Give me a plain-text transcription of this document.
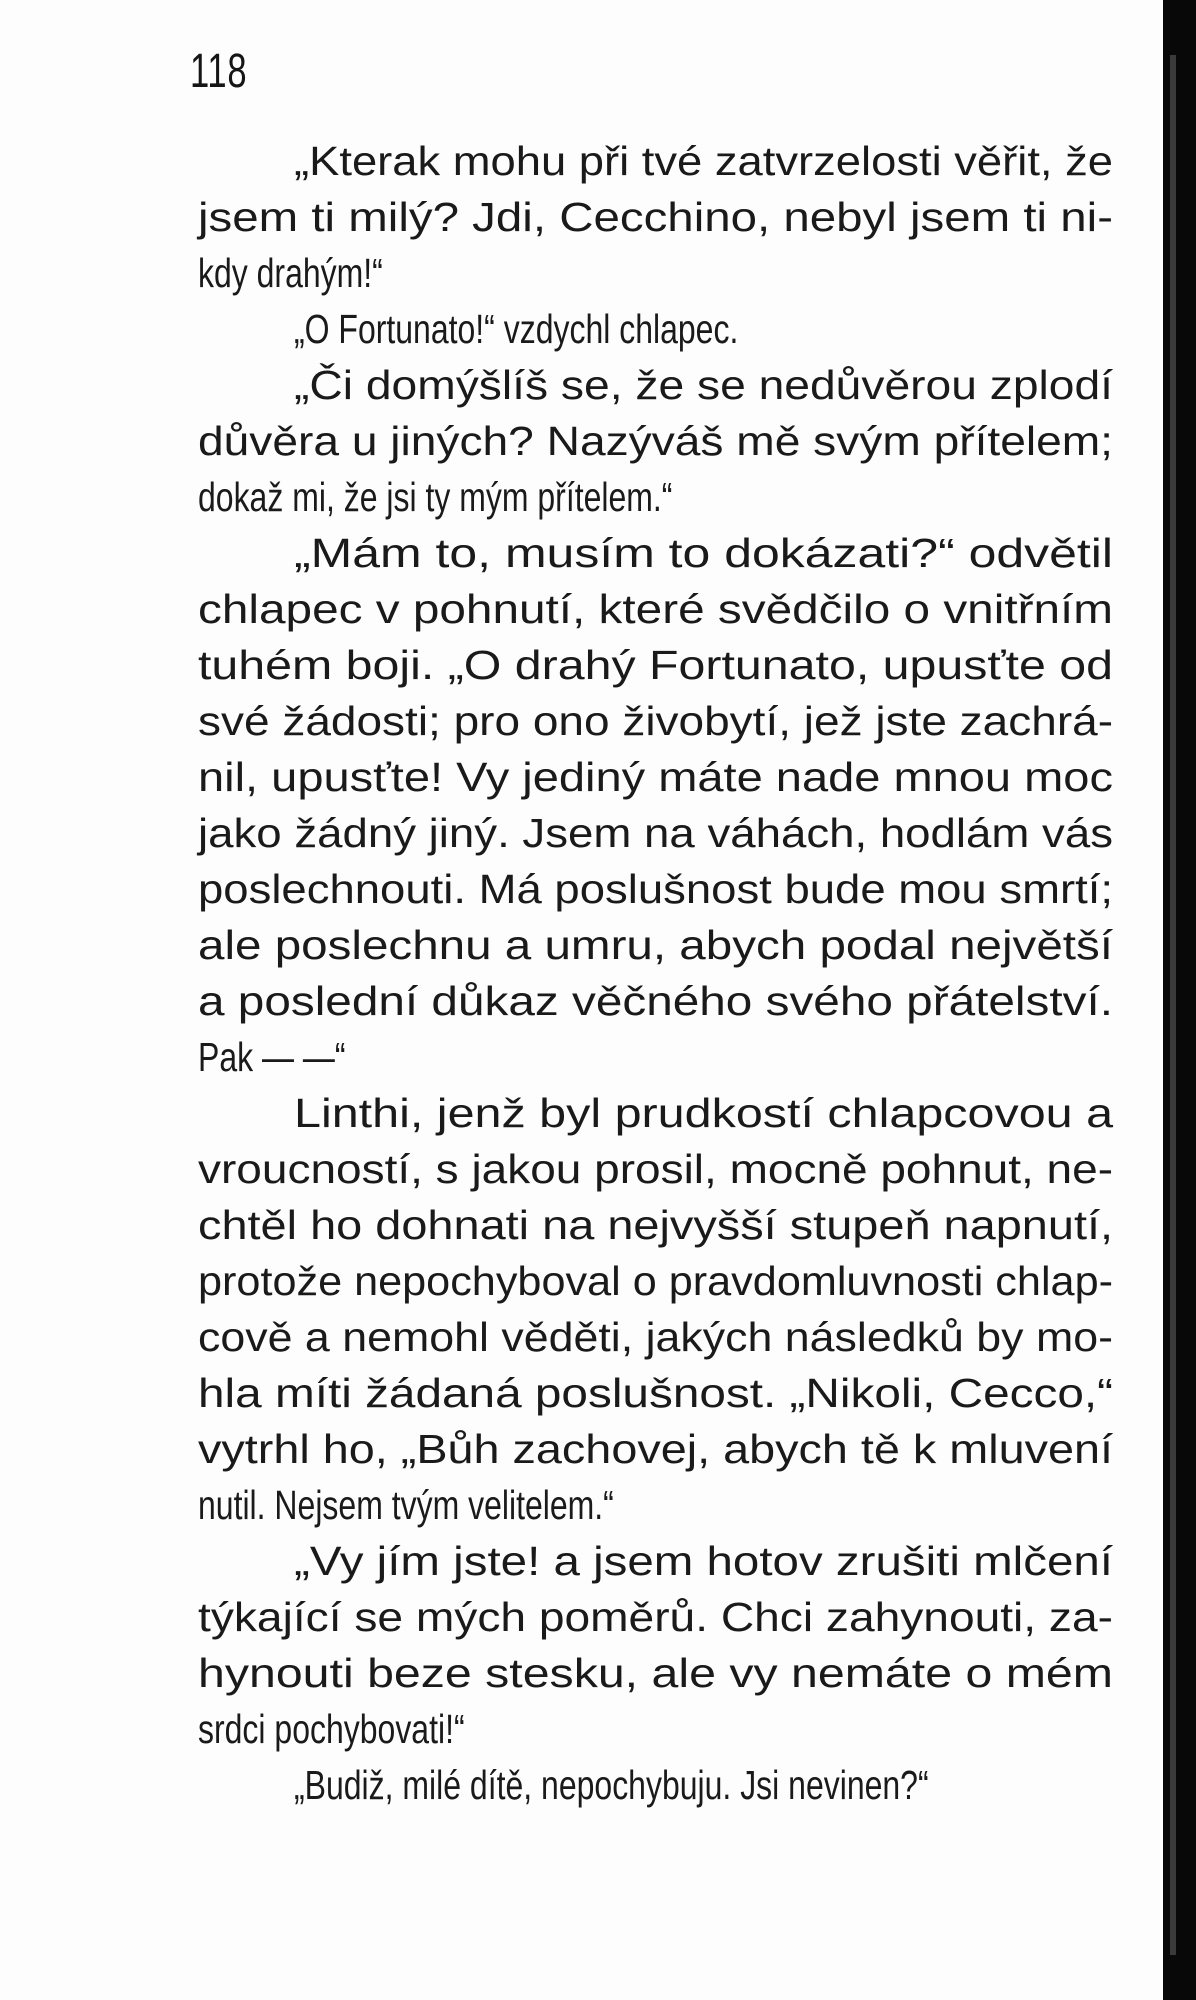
118
„Kterak mohu při tvé zatvrzelosti věřit, že
jsem ti milý? Jdi, Cecchino, nebyl jsem ti ni-
kdy drahým!“
„O Fortunato!“ vzdychl chlapec.
„Či domýšlíš se, že se nedůvěrou zplodí
důvěra u jiných? Nazýváš mě svým přítelem;
dokaž mi, že jsi ty mým přítelem.“
„Mám to, musím to dokázati?“ odvětil
chlapec v pohnutí, které svědčilo o vnitřním
tuhém boji. „O drahý Fortunato, upusťte od
své žádosti; pro ono živobytí, jež jste zachrá-
nil, upusťte! Vy jediný máte nade mnou moc
jako žádný jiný. Jsem na váhách, hodlám vás
poslechnouti. Má poslušnost bude mou smrtí;
ale poslechnu a umru, abych podal největší
a poslední důkaz věčného svého přátelství.
Pak — —“
Linthi, jenž byl prudkostí chlapcovou a
vroucností, s jakou prosil, mocně pohnut, ne-
chtěl ho dohnati na nejvyšší stupeň napnutí,
protože nepochyboval o pravdomluvnosti chlap-
cově a nemohl věděti, jakých následků by mo-
hla míti žádaná poslušnost. „Nikoli, Cecco,“
vytrhl ho, „Bůh zachovej, abych tě k mluvení
nutil. Nejsem tvým velitelem.“
„Vy jím jste! a jsem hotov zrušiti mlčení
týkající se mých poměrů. Chci zahynouti, za-
hynouti beze stesku, ale vy nemáte o mém
srdci pochybovati!“
„Budiž, milé dítě, nepochybuju. Jsi nevinen?“
